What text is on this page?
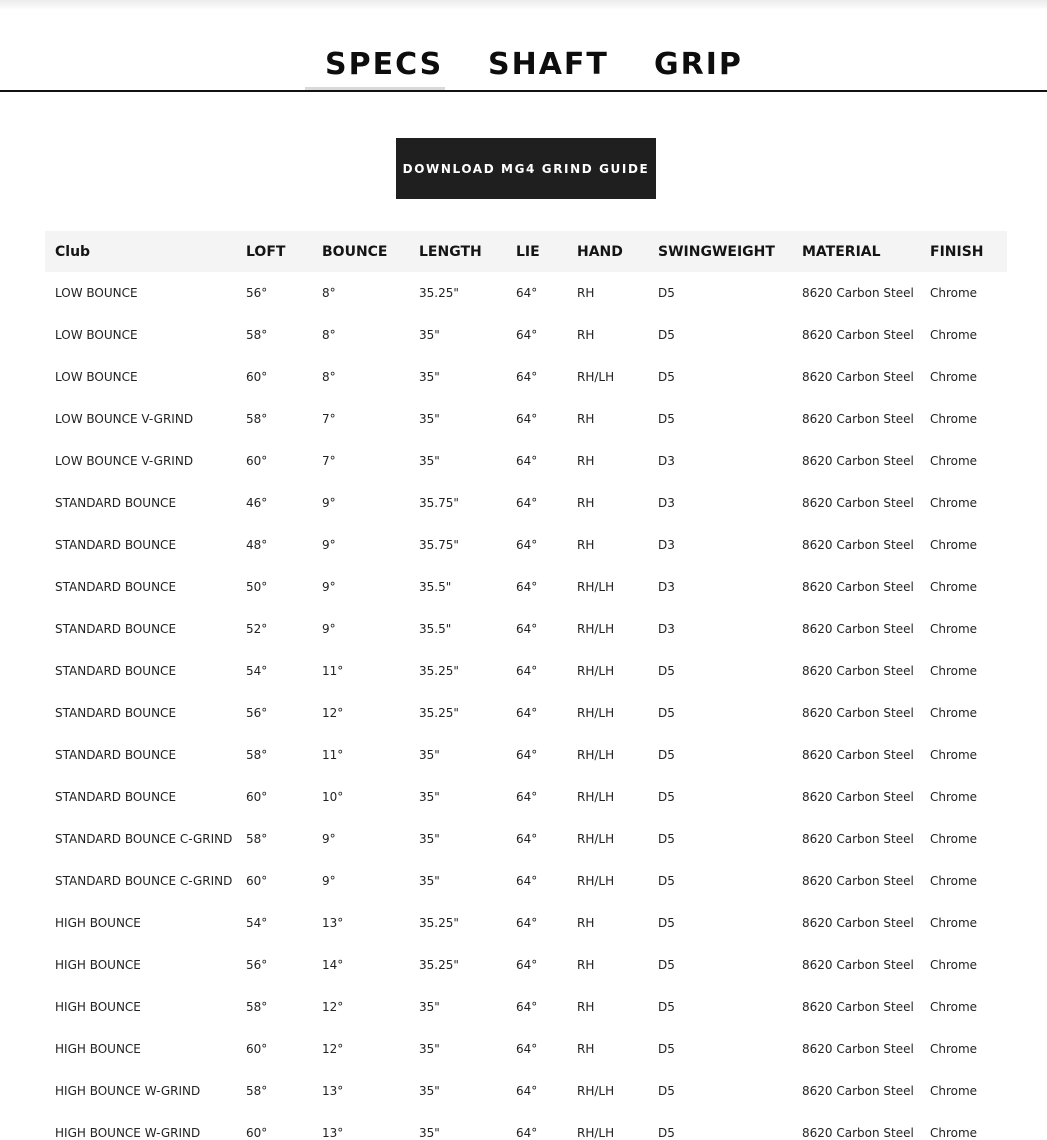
SPECS SHAFT GRIP
DOWNLOAD MG4 GRIND GUIDE
Club	LOFT	BOUNCE	LENGTH	LIE	HAND	SWINGWEIGHT	MATERIAL	FINISH
LOW BOUNCE	56°	8°	35.25"	64°	RH	D5	8620 Carbon Steel	Chrome
LOW BOUNCE	58°	8°	35"	64°	RH	D5	8620 Carbon Steel	Chrome
LOW BOUNCE	60°	8°	35"	64°	RH/LH	D5	8620 Carbon Steel	Chrome
LOW BOUNCE V-GRIND	58°	7°	35"	64°	RH	D5	8620 Carbon Steel	Chrome
LOW BOUNCE V-GRIND	60°	7°	35"	64°	RH	D3	8620 Carbon Steel	Chrome
STANDARD BOUNCE	46°	9°	35.75"	64°	RH	D3	8620 Carbon Steel	Chrome
STANDARD BOUNCE	48°	9°	35.75"	64°	RH	D3	8620 Carbon Steel	Chrome
STANDARD BOUNCE	50°	9°	35.5"	64°	RH/LH	D3	8620 Carbon Steel	Chrome
STANDARD BOUNCE	52°	9°	35.5"	64°	RH/LH	D3	8620 Carbon Steel	Chrome
STANDARD BOUNCE	54°	11°	35.25"	64°	RH/LH	D5	8620 Carbon Steel	Chrome
STANDARD BOUNCE	56°	12°	35.25"	64°	RH/LH	D5	8620 Carbon Steel	Chrome
STANDARD BOUNCE	58°	11°	35"	64°	RH/LH	D5	8620 Carbon Steel	Chrome
STANDARD BOUNCE	60°	10°	35"	64°	RH/LH	D5	8620 Carbon Steel	Chrome
STANDARD BOUNCE C-GRIND	58°	9°	35"	64°	RH/LH	D5	8620 Carbon Steel	Chrome
STANDARD BOUNCE C-GRIND	60°	9°	35"	64°	RH/LH	D5	8620 Carbon Steel	Chrome
HIGH BOUNCE	54°	13°	35.25"	64°	RH	D5	8620 Carbon Steel	Chrome
HIGH BOUNCE	56°	14°	35.25"	64°	RH	D5	8620 Carbon Steel	Chrome
HIGH BOUNCE	58°	12°	35"	64°	RH	D5	8620 Carbon Steel	Chrome
HIGH BOUNCE	60°	12°	35"	64°	RH	D5	8620 Carbon Steel	Chrome
HIGH BOUNCE W-GRIND	58°	13°	35"	64°	RH/LH	D5	8620 Carbon Steel	Chrome
HIGH BOUNCE W-GRIND	60°	13°	35"	64°	RH/LH	D5	8620 Carbon Steel	Chrome
